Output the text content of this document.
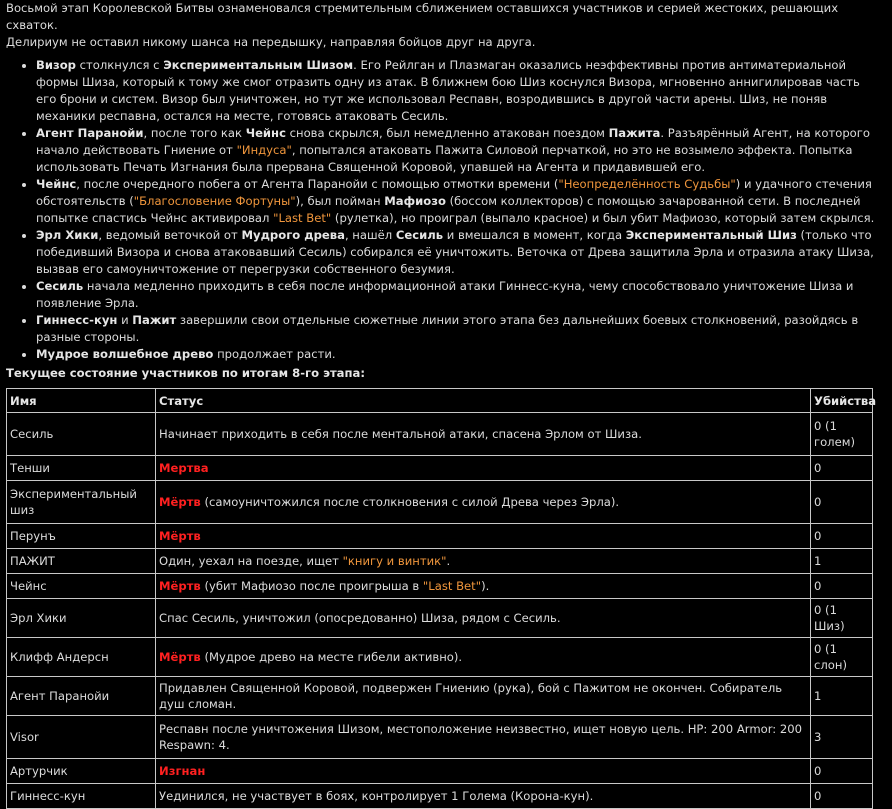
Восьмой этап Королевской Битвы ознаменовался стремительным сближением оставшихся участников и серией жестоких, решающих схваток.
Делириум не оставил никому шанса на передышку, направляя бойцов друг на друга.

• Визор столкнулся с Экспериментальным Шизом. Его Рейлган и Плазмаган оказались неэффективны против антиматериальной формы Шиза, который к тому же смог отразить одну из атак. В ближнем бою Шиз коснулся Визора, мгновенно аннигилировав часть его брони и систем. Визор был уничтожен, но тут же использовал Респавн, возродившись в другой части арены. Шиз, не поняв механики респавна, остался на месте, готовясь атаковать Сесиль.
• Агент Паранойи, после того как Чейнс снова скрылся, был немедленно атакован поездом Пажита. Разъярённый Агент, на которого начало действовать Гниение от "Индуса", попытался атаковать Пажита Силовой перчаткой, но это не возымело эффекта. Попытка использовать Печать Изгнания была прервана Священной Коровой, упавшей на Агента и придавившей его.
• Чейнс, после очередного побега от Агента Паранойи с помощью отмотки времени ("Неопределённость Судьбы") и удачного стечения обстоятельств ("Благословение Фортуны"), был пойман Мафиозо (боссом коллекторов) с помощью зачарованной сети. В последней попытке спастись Чейнс активировал "Last Bet" (рулетка), но проиграл (выпало красное) и был убит Мафиозо, который затем скрылся.
• Эрл Хики, ведомый веточкой от Мудрого древа, нашёл Сесиль и вмешался в момент, когда Экспериментальный Шиз (только что победивший Визора и снова атаковавший Сесиль) собирался её уничтожить. Веточка от Древа защитила Эрла и отразила атаку Шиза, вызвав его самоуничтожение от перегрузки собственного безумия.
• Сесиль начала медленно приходить в себя после информационной атаки Гиннесс-куна, чему способствовало уничтожение Шиза и появление Эрла.
• Гиннесс-кун и Пажит завершили свои отдельные сюжетные линии этого этапа без дальнейших боевых столкновений, разойдясь в разные стороны.
• Мудрое волшебное древо продолжает расти.
Текущее состояние участников по итогам 8-го этапа:
Имя	Статус	Убийства
Сесиль	Начинает приходить в себя после ментальной атаки, спасена Эрлом от Шиза.	0 (1 голем)
Тенши	Мертва	0
Экспериментальный шиз	Мёртв (самоуничтожился после столкновения с силой Древа через Эрла).	0
Перунъ	Мёртв	0
ПАЖИТ	Один, уехал на поезде, ищет "книгу и винтик".	1
Чейнс	Мёртв (убит Мафиозо после проигрыша в "Last Bet").	0
Эрл Хики	Спас Сесиль, уничтожил (опосредованно) Шиза, рядом с Сесиль.	0 (1 Шиз)
Клифф Андерсн	Мёртв (Мудрое древо на месте гибели активно).	0 (1 слон)
Агент Паранойи	Придавлен Священной Коровой, подвержен Гниению (рука), бой с Пажитом не окончен. Собиратель душ сломан.	1
Visor	Респавн после уничтожения Шизом, местоположение неизвестно, ищет новую цель. HP: 200 Armor: 200 Respawn: 4.	3
Артурчик	Изгнан	0
Гиннесс-кун	Уединился, не участвует в боях, контролирует 1 Голема (Корона-кун).	0
